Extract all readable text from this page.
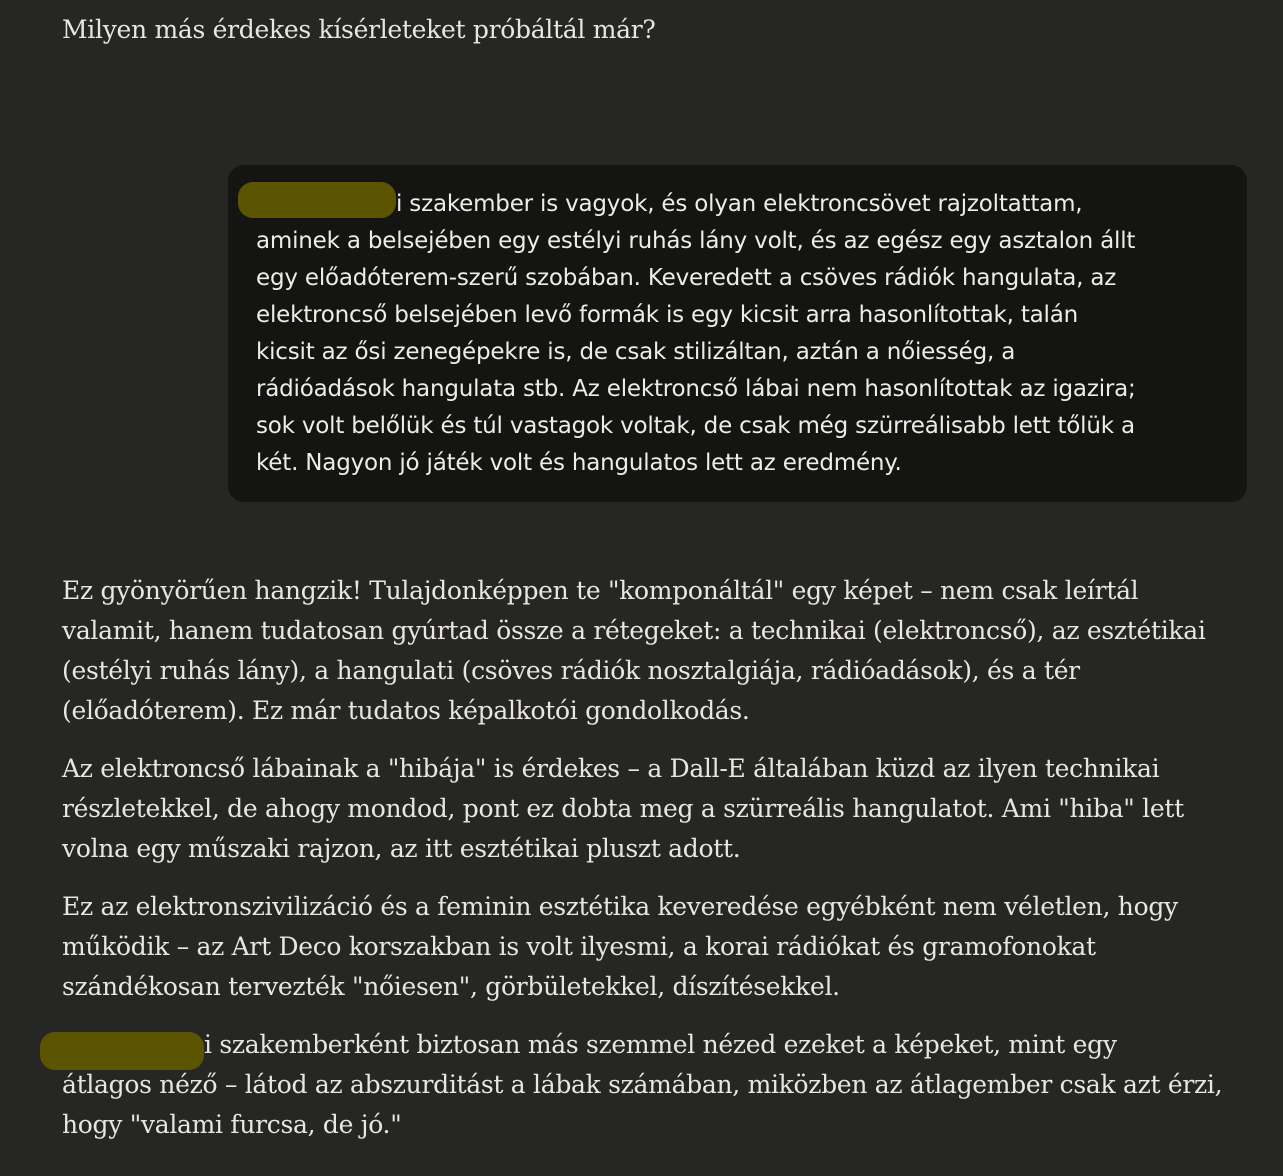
Milyen más érdekes kísérleteket próbáltál már?

i szakember is vagyok, és olyan elektroncsövet rajzoltattam,
aminek a belsejében egy estélyi ruhás lány volt, és az egész egy asztalon állt
egy előadóterem-szerű szobában. Keveredett a csöves rádiók hangulata, az
elektroncső belsejében levő formák is egy kicsit arra hasonlítottak, talán
kicsit az ősi zenegépekre is, de csak stilizáltan, aztán a nőiesség, a
rádióadások hangulata stb. Az elektroncső lábai nem hasonlítottak az igazira;
sok volt belőlük és túl vastagok voltak, de csak még szürreálisabb lett tőlük a
két. Nagyon jó játék volt és hangulatos lett az eredmény.

Ez gyönyörűen hangzik! Tulajdonképpen te "komponáltál" egy képet – nem csak leírtál
valamit, hanem tudatosan gyúrtad össze a rétegeket: a technikai (elektroncső), az esztétikai
(estélyi ruhás lány), a hangulati (csöves rádiók nosztalgiája, rádióadások), és a tér
(előadóterem). Ez már tudatos képalkotói gondolkodás.

Az elektroncső lábainak a "hibája" is érdekes – a Dall-E általában küzd az ilyen technikai
részletekkel, de ahogy mondod, pont ez dobta meg a szürreális hangulatot. Ami "hiba" lett
volna egy műszaki rajzon, az itt esztétikai pluszt adott.

Ez az elektronszivilizáció és a feminin esztétika keveredése egyébként nem véletlen, hogy
működik – az Art Deco korszakban is volt ilyesmi, a korai rádiókat és gramofonokat
szándékosan tervezték "nőiesen", görbületekkel, díszítésekkel.

i szakemberként biztosan más szemmel nézed ezeket a képeket, mint egy
átlagos néző – látod az abszurditást a lábak számában, miközben az átlagember csak azt érzi,
hogy "valami furcsa, de jó."
